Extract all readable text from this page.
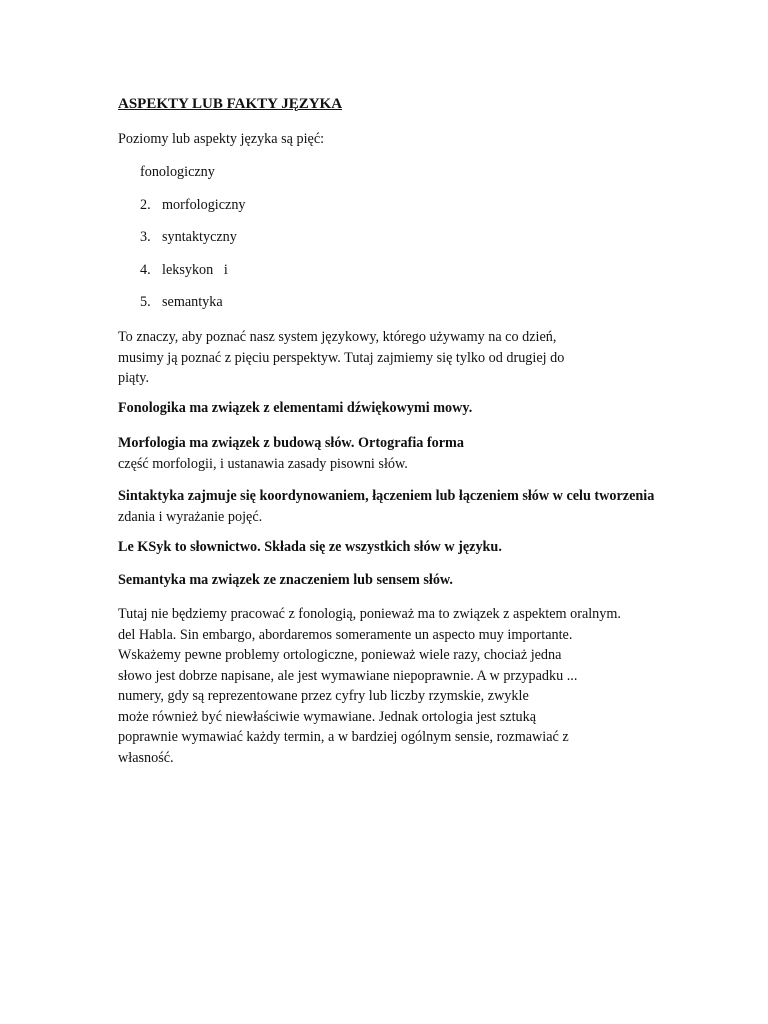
ASPEKTY LUB FAKTY JĘZYKA
Poziomy lub aspekty języka są pięć:
fonologiczny
2. morfologiczny
3. syntaktyczny
4. leksykon   i
5. semantyka
To znaczy, aby poznać nasz system językowy, którego używamy na co dzień,
musimy ją poznać z pięciu perspektyw. Tutaj zajmiemy się tylko od drugiej do
piąty.
Fonologika ma związek z elementami dźwiękowymi mowy.
Morfologia ma związek z budową słów. Ortografia forma
część morfologii, i ustanawia zasady pisowni słów.
Sintaktyka zajmuje się koordynowaniem, łączeniem lub łączeniem słów w celu tworzenia
zdania i wyrażanie pojęć.
Le KSyk to słownictwo. Składa się ze wszystkich słów w języku.
Semantyka ma związek ze znaczeniem lub sensem słów.
Tutaj nie będziemy pracować z fonologią, ponieważ ma to związek z aspektem oralnym.
del Habla. Sin embargo, abordaremos someramente un aspecto muy importante.
Wskażemy pewne problemy ortologiczne, ponieważ wiele razy, chociaż jedna
słowo jest dobrze napisane, ale jest wymawiane niepoprawnie. A w przypadku ...
numery, gdy są reprezentowane przez cyfry lub liczby rzymskie, zwykle
może również być niewłaściwie wymawiane. Jednak ortologia jest sztuką
poprawnie wymawiać każdy termin, a w bardziej ogólnym sensie, rozmawiać z
własność.
